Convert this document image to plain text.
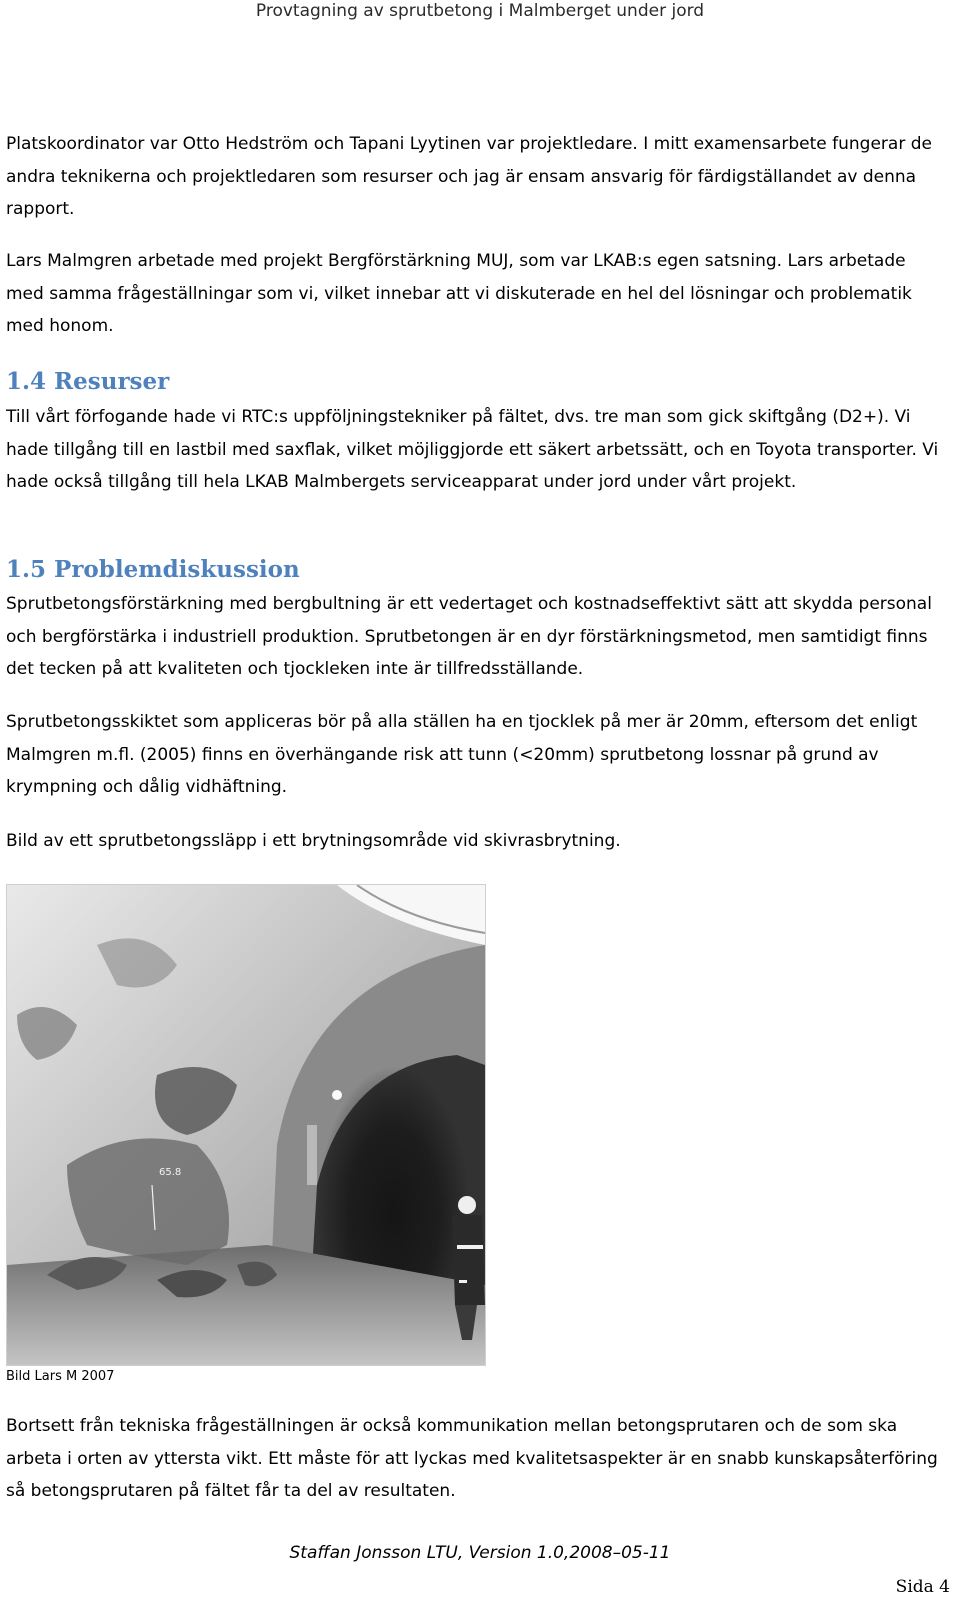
Provtagning av sprutbetong i Malmberget under jord

Platskoordinator var Otto Hedström och Tapani Lyytinen var projektledare. I mitt examensarbete fungerar de andra teknikerna och projektledaren som resurser och jag är ensam ansvarig för färdigställandet av denna rapport.

Lars Malmgren arbetade med projekt Bergförstärkning MUJ, som var LKAB:s egen satsning. Lars arbetade med samma frågeställningar som vi, vilket innebar att vi diskuterade en hel del lösningar och problematik med honom.

1.4 Resurser

Till vårt förfogande hade vi RTC:s uppföljningstekniker på fältet, dvs. tre man som gick skiftgång (D2+). Vi hade tillgång till en lastbil med saxflak, vilket möjliggjorde ett säkert arbetssätt, och en Toyota transporter. Vi hade också tillgång till hela LKAB Malmbergets serviceapparat under jord under vårt projekt.

1.5 Problemdiskussion

Sprutbetongsförstärkning med bergbultning är ett vedertaget och kostnadseffektivt sätt att skydda personal och bergförstärka i industriell produktion. Sprutbetongen är en dyr förstärkningsmetod, men samtidigt finns det tecken på att kvaliteten och tjockleken inte är tillfredsställande.

Sprutbetongsskiktet som appliceras bör på alla ställen ha en tjocklek på mer är 20mm, eftersom det enligt Malmgren m.fl. (2005) finns en överhängande risk att tunn (<20mm) sprutbetong lossnar på grund av krympning och dålig vidhäftning.

Bild av ett sprutbetongssläpp i ett brytningsområde vid skivrasbrytning.

65.8
Bild Lars M 2007

Bortsett från tekniska frågeställningen är också kommunikation mellan betongsprutaren och de som ska arbeta i orten av yttersta vikt. Ett måste för att lyckas med kvalitetsaspekter är en snabb kunskapsåterföring så betongsprutaren på fältet får ta del av resultaten.

Staffan Jonsson LTU, Version 1.0,2008–05-11
Sida 4
